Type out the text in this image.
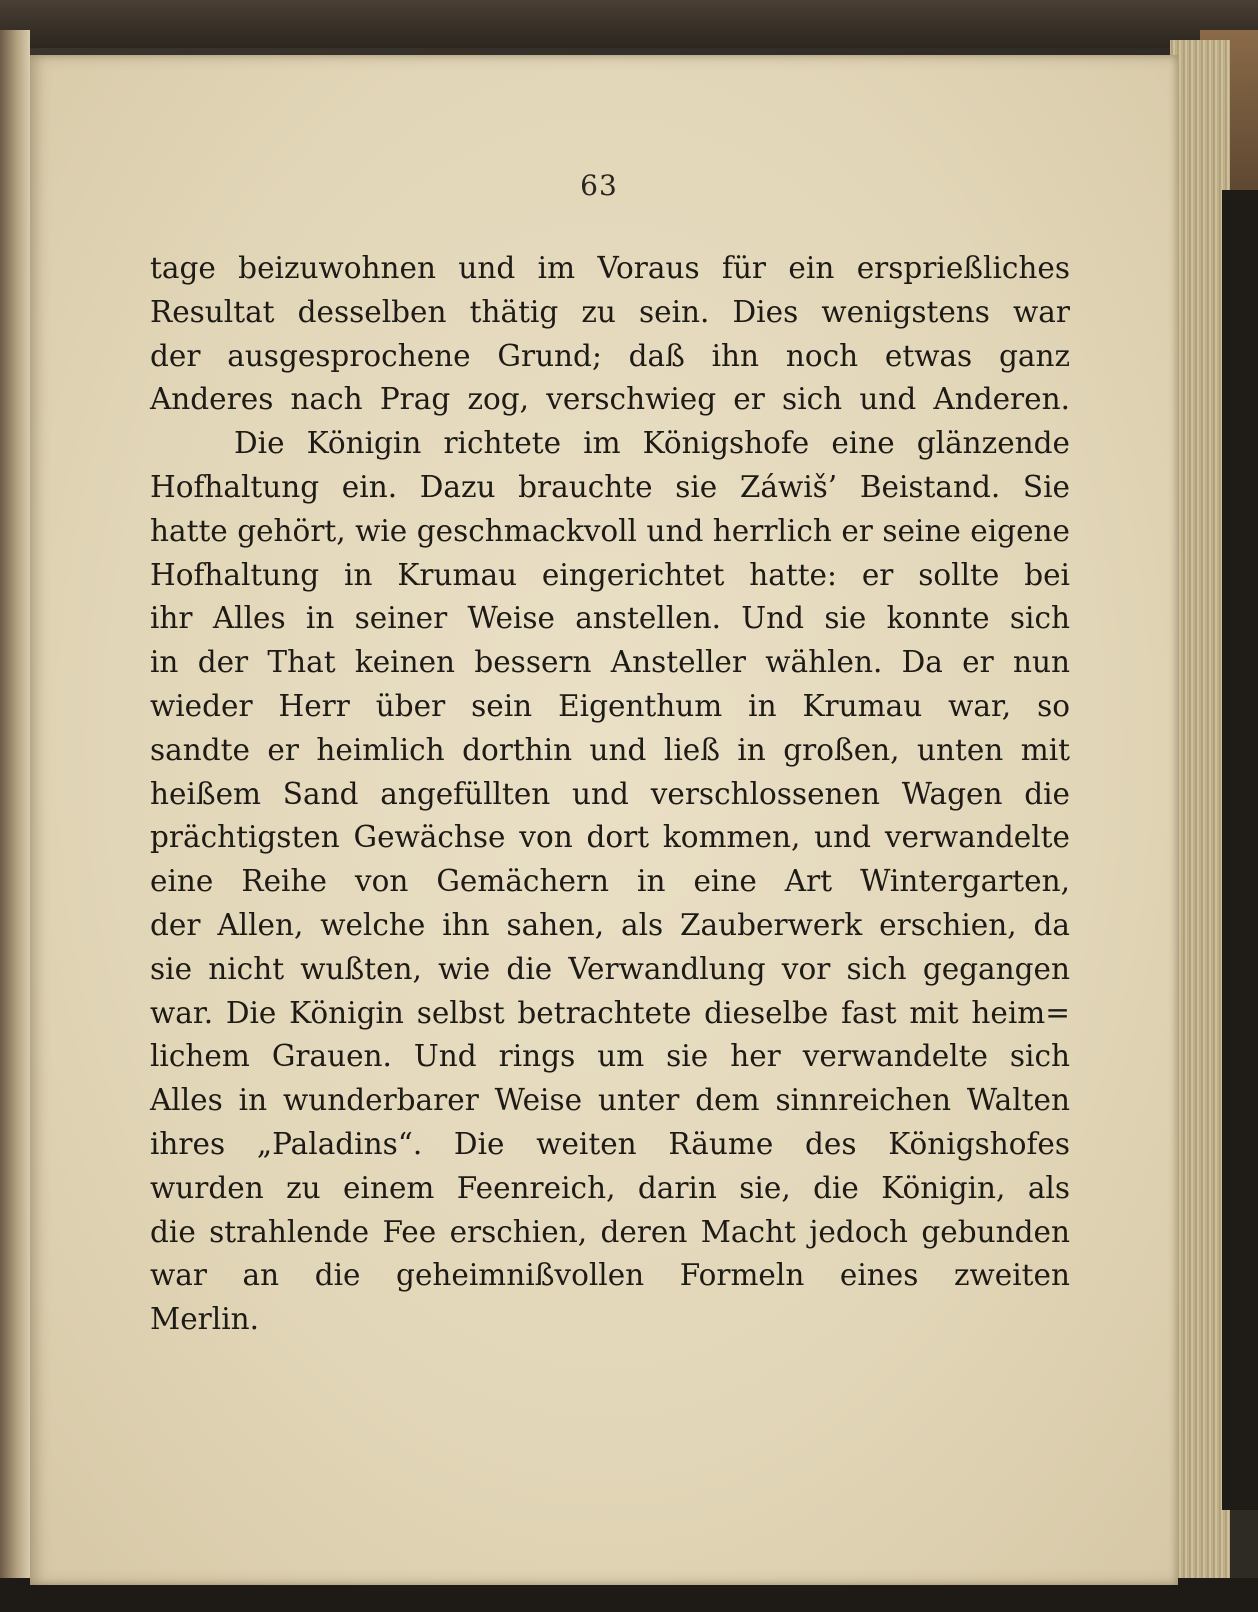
63
tage beizuwohnen und im Voraus für ein ersprießliches
Resultat desselben thätig zu sein. Dies wenigstens war
der ausgesprochene Grund; daß ihn noch etwas ganz
Anderes nach Prag zog, verschwieg er sich und Anderen.
Die Königin richtete im Königshofe eine glänzende
Hofhaltung ein. Dazu brauchte sie Záwiš’ Beistand. Sie
hatte gehört, wie geschmackvoll und herrlich er seine eigene
Hofhaltung in Krumau eingerichtet hatte: er sollte bei
ihr Alles in seiner Weise anstellen. Und sie konnte sich
in der That keinen bessern Ansteller wählen. Da er nun
wieder Herr über sein Eigenthum in Krumau war, so
sandte er heimlich dorthin und ließ in großen, unten mit
heißem Sand angefüllten und verschlossenen Wagen die
prächtigsten Gewächse von dort kommen, und verwandelte
eine Reihe von Gemächern in eine Art Wintergarten,
der Allen, welche ihn sahen, als Zauberwerk erschien, da
sie nicht wußten, wie die Verwandlung vor sich gegangen
war. Die Königin selbst betrachtete dieselbe fast mit heim=
lichem Grauen. Und rings um sie her verwandelte sich
Alles in wunderbarer Weise unter dem sinnreichen Walten
ihres „Paladins“. Die weiten Räume des Königshofes
wurden zu einem Feenreich, darin sie, die Königin, als
die strahlende Fee erschien, deren Macht jedoch gebunden
war an die geheimnißvollen Formeln eines zweiten
Merlin.
